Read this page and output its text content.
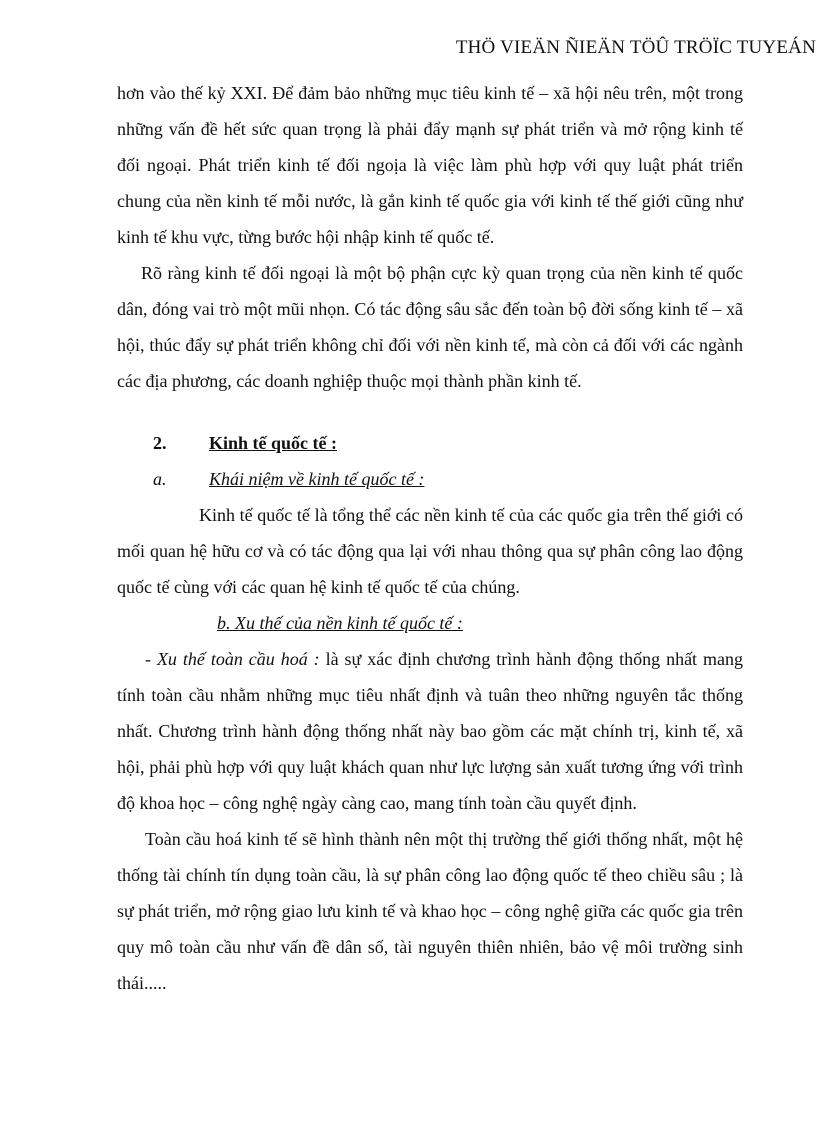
THÖ VIEÄN ÑIEÄN TÖÛ TRÖÏC TUYEÁN

hơn vào thế kỷ XXI. Để đảm bảo những mục tiêu kinh tế – xã hội nêu trên, một trong những vấn đề hết sức quan trọng là phải đẩy mạnh sự phát triển và mở rộng kinh tế đối ngoại. Phát triển kinh tế đối ngoịa là việc làm phù hợp với quy luật phát triển chung của nền kinh tế mỗi nước, là gắn kinh tế quốc gia với kinh tế thế giới cũng như kinh tế khu vực, từng bước hội nhập kinh tế quốc tế.

Rõ ràng kinh tế đối ngoại là một bộ phận cực kỳ quan trọng của nền kinh tế quốc dân, đóng vai trò một mũi nhọn. Có tác động sâu sắc đến toàn bộ đời sống kinh tế – xã hội, thúc đẩy sự phát triển không chỉ đối với nền kinh tế, mà còn cả đối với các ngành các địa phương, các doanh nghiệp thuộc mọi thành phần kinh tế.

2. Kinh tế quốc tế :
a. Khái niệm về kinh tế quốc tế :

Kinh tế quốc tế là tổng thể các nền kinh tế của các quốc gia trên thế giới có mối quan hệ hữu cơ và có tác động qua lại với nhau thông qua sự phân công lao động quốc tế cùng với các quan hệ kinh tế quốc tế của chúng.

b. Xu thế của nền kinh tế quốc tế :

- Xu thế toàn cầu hoá : là sự xác định chương trình hành động thống nhất mang tính toàn cầu nhằm những mục tiêu nhất định và tuân theo những nguyên tắc thống nhất. Chương trình hành động thống nhất này bao gồm các mặt chính trị, kinh tế, xã hội, phải phù hợp với quy luật khách quan như lực lượng sản xuất tương ứng với trình độ khoa học – công nghệ ngày càng cao, mang tính toàn cầu quyết định.

Toàn cầu hoá kinh tế sẽ hình thành nên một thị trường thế giới thống nhất, một hệ thống tài chính tín dụng toàn cầu, là sự phân công lao động quốc tế theo chiều sâu ; là sự phát triển, mở rộng giao lưu kinh tế và khao học – công nghệ giữa các quốc gia trên quy mô toàn cầu như vấn đề dân số, tài nguyên thiên nhiên, bảo vệ môi trường sinh thái.....
